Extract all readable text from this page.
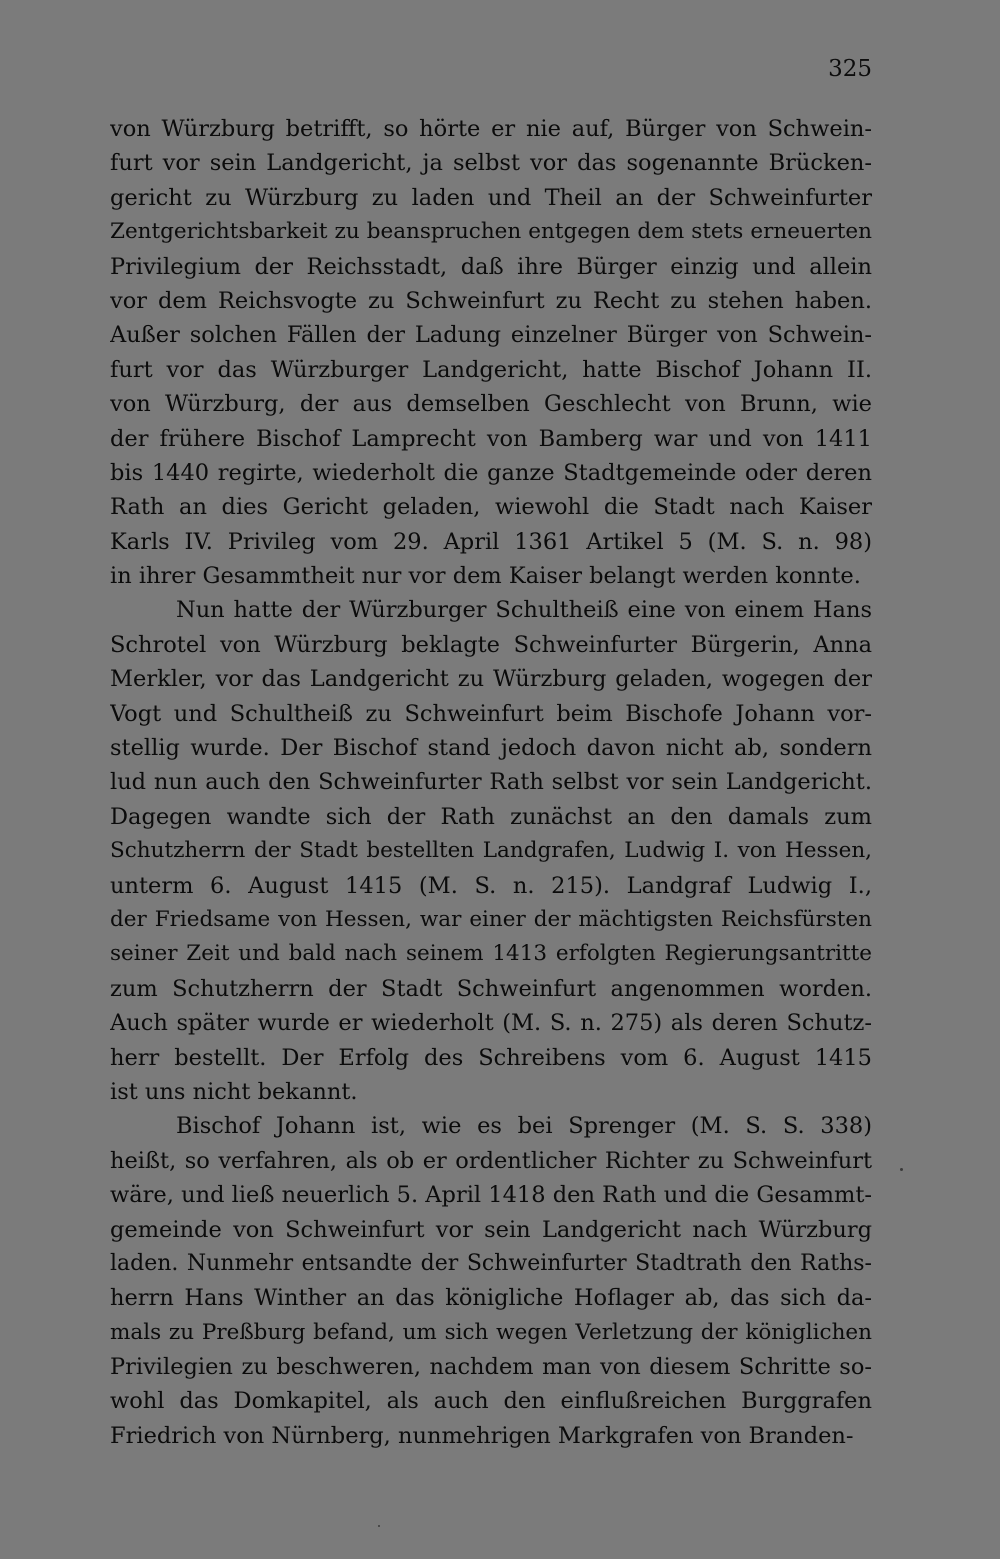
325
von Würzburg betrifft, so hörte er nie auf, Bürger von Schwein-
furt vor sein Landgericht, ja selbst vor das sogenannte Brücken-
gericht zu Würzburg zu laden und Theil an der Schweinfurter
Zentgerichtsbarkeit zu beanspruchen entgegen dem stets erneuerten
Privilegium der Reichsstadt, daß ihre Bürger einzig und allein
vor dem Reichsvogte zu Schweinfurt zu Recht zu stehen haben.
Außer solchen Fällen der Ladung einzelner Bürger von Schwein-
furt vor das Würzburger Landgericht, hatte Bischof Johann II.
von Würzburg, der aus demselben Geschlecht von Brunn, wie
der frühere Bischof Lamprecht von Bamberg war und von 1411
bis 1440 regirte, wiederholt die ganze Stadtgemeinde oder deren
Rath an dies Gericht geladen, wiewohl die Stadt nach Kaiser
Karls IV. Privileg vom 29. April 1361 Artikel 5 (M. S. n. 98)
in ihrer Gesammtheit nur vor dem Kaiser belangt werden konnte.
Nun hatte der Würzburger Schultheiß eine von einem Hans
Schrotel von Würzburg beklagte Schweinfurter Bürgerin, Anna
Merkler, vor das Landgericht zu Würzburg geladen, wogegen der
Vogt und Schultheiß zu Schweinfurt beim Bischofe Johann vor-
stellig wurde. Der Bischof stand jedoch davon nicht ab, sondern
lud nun auch den Schweinfurter Rath selbst vor sein Landgericht.
Dagegen wandte sich der Rath zunächst an den damals zum
Schutzherrn der Stadt bestellten Landgrafen, Ludwig I. von Hessen,
unterm 6. August 1415 (M. S. n. 215). Landgraf Ludwig I.,
der Friedsame von Hessen, war einer der mächtigsten Reichsfürsten
seiner Zeit und bald nach seinem 1413 erfolgten Regierungsantritte
zum Schutzherrn der Stadt Schweinfurt angenommen worden.
Auch später wurde er wiederholt (M. S. n. 275) als deren Schutz-
herr bestellt. Der Erfolg des Schreibens vom 6. August 1415
ist uns nicht bekannt.
Bischof Johann ist, wie es bei Sprenger (M. S. S. 338)
heißt, so verfahren, als ob er ordentlicher Richter zu Schweinfurt
wäre, und ließ neuerlich 5. April 1418 den Rath und die Gesammt-
gemeinde von Schweinfurt vor sein Landgericht nach Würzburg
laden. Nunmehr entsandte der Schweinfurter Stadtrath den Raths-
herrn Hans Winther an das königliche Hoflager ab, das sich da-
mals zu Preßburg befand, um sich wegen Verletzung der königlichen
Privilegien zu beschweren, nachdem man von diesem Schritte so-
wohl das Domkapitel, als auch den einflußreichen Burggrafen
Friedrich von Nürnberg, nunmehrigen Markgrafen von Branden-
